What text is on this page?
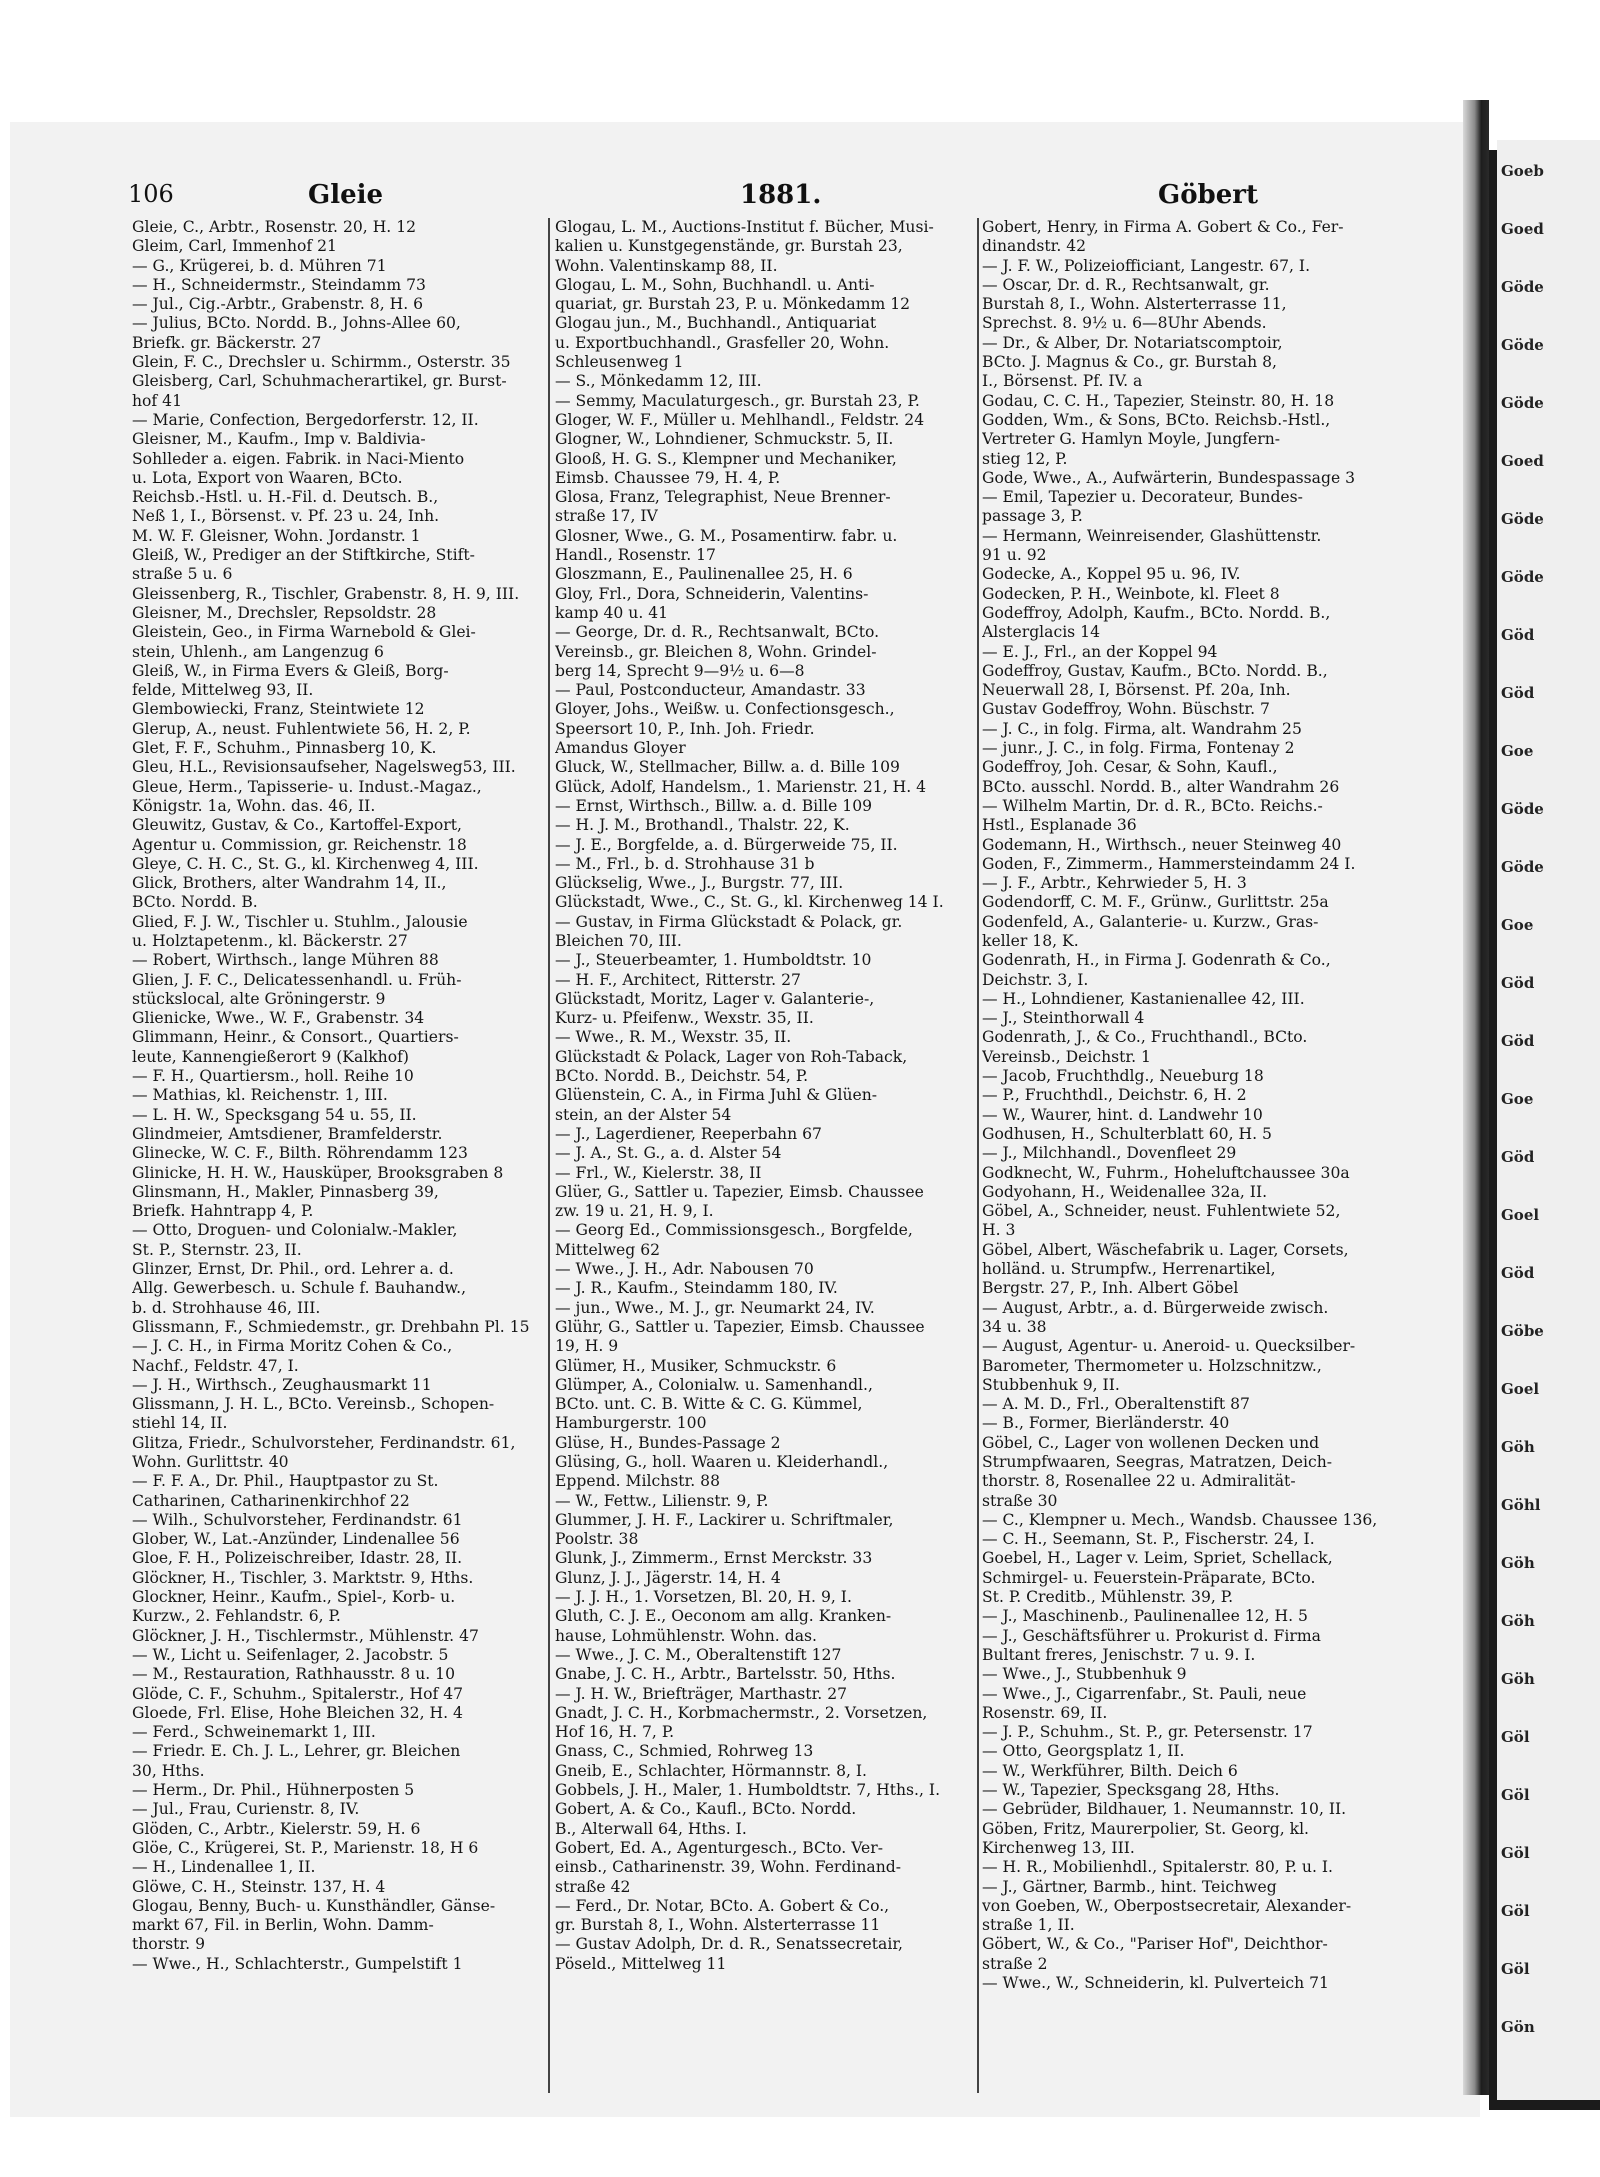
Goeb
Goed
Göde
Göde
Göde
Goed
Göde
Göde
Göd
Göd
Goe
Göde
Göde
Goe
Göd
Göd
Goe
Göd
Goel
Göd
Göbe
Goel
Göh
Göhl
Göh
Göh
Göh
Göl
Göl
Göl
Göl
Göl
Gön
106	Gleie	1881.	Göbert

Gleie, C., Arbtr., Rosenstr. 20, H. 12

Gleim, Carl, Immenhof 21

— G., Krügerei, b. d. Mühren 71

— H., Schneidermstr., Steindamm 73

— Jul., Cig.-Arbtr., Grabenstr. 8, H. 6

— Julius, BCto. Nordd. B., Johns-Allee 60,

Briefk. gr. Bäckerstr. 27

Glein, F. C., Drechsler u. Schirmm., Osterstr. 35

Gleisberg, Carl, Schuhmacherartikel, gr. Burst-

hof 41

— Marie, Confection, Bergedorferstr. 12, II.

Gleisner, M., Kaufm., Imp v. Baldivia-

Sohlleder a. eigen. Fabrik. in Naci-Miento

u. Lota, Export von Waaren, BCto.

Reichsb.-Hstl. u. H.-Fil. d. Deutsch. B.,

Neß 1, I., Börsenst. v. Pf. 23 u. 24, Inh.

M. W. F. Gleisner, Wohn. Jordanstr. 1

Gleiß, W., Prediger an der Stiftkirche, Stift-

straße 5 u. 6

Gleissenberg, R., Tischler, Grabenstr. 8, H. 9, III.

Gleisner, M., Drechsler, Repsoldstr. 28

Gleistein, Geo., in Firma Warnebold & Glei-

stein, Uhlenh., am Langenzug 6

Gleiß, W., in Firma Evers & Gleiß, Borg-

felde, Mittelweg 93, II.

Glembowiecki, Franz, Steintwiete 12

Glerup, A., neust. Fuhlentwiete 56, H. 2, P.

Glet, F. F., Schuhm., Pinnasberg 10, K.

Gleu, H.L., Revisionsaufseher, Nagelsweg53, III.

Gleue, Herm., Tapisserie- u. Indust.-Magaz.,

Königstr. 1a, Wohn. das. 46, II.

Gleuwitz, Gustav, & Co., Kartoffel-Export,

Agentur u. Commission, gr. Reichenstr. 18

Gleye, C. H. C., St. G., kl. Kirchenweg 4, III.

Glick, Brothers, alter Wandrahm 14, II.,

BCto. Nordd. B.

Glied, F. J. W., Tischler u. Stuhlm., Jalousie

u. Holztapetenm., kl. Bäckerstr. 27

— Robert, Wirthsch., lange Mühren 88

Glien, J. F. C., Delicatessenhandl. u. Früh-

stückslocal, alte Gröningerstr. 9

Glienicke, Wwe., W. F., Grabenstr. 34

Glimmann, Heinr., & Consort., Quartiers-

leute, Kannengießerort 9 (Kalkhof)

— F. H., Quartiersm., holl. Reihe 10

— Mathias, kl. Reichenstr. 1, III.

— L. H. W., Specksgang 54 u. 55, II.

Glindmeier, Amtsdiener, Bramfelderstr.

Glinecke, W. C. F., Bilth. Röhrendamm 123

Glinicke, H. H. W., Hausküper, Brooksgraben 8

Glinsmann, H., Makler, Pinnasberg 39,

Briefk. Hahntrapp 4, P.

— Otto, Droguen- und Colonialw.-Makler,

St. P., Sternstr. 23, II.

Glinzer, Ernst, Dr. Phil., ord. Lehrer a. d.

Allg. Gewerbesch. u. Schule f. Bauhandw.,

b. d. Strohhause 46, III.

Glissmann, F., Schmiedemstr., gr. Drehbahn Pl. 15

— J. C. H., in Firma Moritz Cohen & Co.,

Nachf., Feldstr. 47, I.

— J. H., Wirthsch., Zeughausmarkt 11

Glissmann, J. H. L., BCto. Vereinsb., Schopen-

stiehl 14, II.

Glitza, Friedr., Schulvorsteher, Ferdinandstr. 61,

Wohn. Gurlittstr. 40

— F. F. A., Dr. Phil., Hauptpastor zu St.

Catharinen, Catharinenkirchhof 22

— Wilh., Schulvorsteher, Ferdinandstr. 61

Glober, W., Lat.-Anzünder, Lindenallee 56

Gloe, F. H., Polizeischreiber, Idastr. 28, II.

Glöckner, H., Tischler, 3. Marktstr. 9, Hths.

Glockner, Heinr., Kaufm., Spiel-, Korb- u.

Kurzw., 2. Fehlandstr. 6, P.

Glöckner, J. H., Tischlermstr., Mühlenstr. 47

— W., Licht u. Seifenlager, 2. Jacobstr. 5

— M., Restauration, Rathhausstr. 8 u. 10

Glöde, C. F., Schuhm., Spitalerstr., Hof 47

Gloede, Frl. Elise, Hohe Bleichen 32, H. 4

— Ferd., Schweinemarkt 1, III.

— Friedr. E. Ch. J. L., Lehrer, gr. Bleichen

30, Hths.

— Herm., Dr. Phil., Hühnerposten 5

— Jul., Frau, Curienstr. 8, IV.

Glöden, C., Arbtr., Kielerstr. 59, H. 6

Glöe, C., Krügerei, St. P., Marienstr. 18, H 6

— H., Lindenallee 1, II.

Glöwe, C. H., Steinstr. 137, H. 4

Glogau, Benny, Buch- u. Kunsthändler, Gänse-

markt 67, Fil. in Berlin, Wohn. Damm-

thorstr. 9

— Wwe., H., Schlachterstr., Gumpelstift 1

Glogau, L. M., Auctions-Institut f. Bücher, Musi-

kalien u. Kunstgegenstände, gr. Burstah 23,

Wohn. Valentinskamp 88, II.

Glogau, L. M., Sohn, Buchhandl. u. Anti-

quariat, gr. Burstah 23, P. u. Mönkedamm 12

Glogau jun., M., Buchhandl., Antiquariat

u. Exportbuchhandl., Grasfeller 20, Wohn.

Schleusenweg 1

— S., Mönkedamm 12, III.

— Semmy, Maculaturgesch., gr. Burstah 23, P.

Gloger, W. F., Müller u. Mehlhandl., Feldstr. 24

Glogner, W., Lohndiener, Schmuckstr. 5, II.

Glooß, H. G. S., Klempner und Mechaniker,

Eimsb. Chaussee 79, H. 4, P.

Glosa, Franz, Telegraphist, Neue Brenner-

straße 17, IV

Glosner, Wwe., G. M., Posamentirw. fabr. u.

Handl., Rosenstr. 17

Gloszmann, E., Paulinenallee 25, H. 6

Gloy, Frl., Dora, Schneiderin, Valentins-

kamp 40 u. 41

— George, Dr. d. R., Rechtsanwalt, BCto.

Vereinsb., gr. Bleichen 8, Wohn. Grindel-

berg 14, Sprecht 9—9½ u. 6—8

— Paul, Postconducteur, Amandastr. 33

Gloyer, Johs., Weißw. u. Confectionsgesch.,

Speersort 10, P., Inh. Joh. Friedr.

Amandus Gloyer

Gluck, W., Stellmacher, Billw. a. d. Bille 109

Glück, Adolf, Handelsm., 1. Marienstr. 21, H. 4

— Ernst, Wirthsch., Billw. a. d. Bille 109

— H. J. M., Brothandl., Thalstr. 22, K.

— J. E., Borgfelde, a. d. Bürgerweide 75, II.

— M., Frl., b. d. Strohhause 31 b

Glückselig, Wwe., J., Burgstr. 77, III.

Glückstadt, Wwe., C., St. G., kl. Kirchenweg 14 I.

— Gustav, in Firma Glückstadt & Polack, gr.

Bleichen 70, III.

— J., Steuerbeamter, 1. Humboldtstr. 10

— H. F., Architect, Ritterstr. 27

Glückstadt, Moritz, Lager v. Galanterie-,

Kurz- u. Pfeifenw., Wexstr. 35, II.

— Wwe., R. M., Wexstr. 35, II.

Glückstadt & Polack, Lager von Roh-Taback,

BCto. Nordd. B., Deichstr. 54, P.

Glüenstein, C. A., in Firma Juhl & Glüen-

stein, an der Alster 54

— J., Lagerdiener, Reeperbahn 67

— J. A., St. G., a. d. Alster 54

— Frl., W., Kielerstr. 38, II

Glüer, G., Sattler u. Tapezier, Eimsb. Chaussee

zw. 19 u. 21, H. 9, I.

— Georg Ed., Commissionsgesch., Borgfelde,

Mittelweg 62

— Wwe., J. H., Adr. Nabousen 70

— J. R., Kaufm., Steindamm 180, IV.

— jun., Wwe., M. J., gr. Neumarkt 24, IV.

Glühr, G., Sattler u. Tapezier, Eimsb. Chaussee

19, H. 9

Glümer, H., Musiker, Schmuckstr. 6

Glümper, A., Colonialw. u. Samenhandl.,

BCto. unt. C. B. Witte & C. G. Kümmel,

Hamburgerstr. 100

Glüse, H., Bundes-Passage 2

Glüsing, G., holl. Waaren u. Kleiderhandl.,

Eppend. Milchstr. 88

— W., Fettw., Lilienstr. 9, P.

Glummer, J. H. F., Lackirer u. Schriftmaler,

Poolstr. 38

Glunk, J., Zimmerm., Ernst Merckstr. 33

Glunz, J. J., Jägerstr. 14, H. 4

— J. J. H., 1. Vorsetzen, Bl. 20, H. 9, I.

Gluth, C. J. E., Oeconom am allg. Kranken-

hause, Lohmühlenstr. Wohn. das.

— Wwe., J. C. M., Oberaltenstift 127

Gnabe, J. C. H., Arbtr., Bartelsstr. 50, Hths.

— J. H. W., Briefträger, Marthastr. 27

Gnadt, J. C. H., Korbmachermstr., 2. Vorsetzen,

Hof 16, H. 7, P.

Gnass, C., Schmied, Rohrweg 13

Gneib, E., Schlachter, Hörmannstr. 8, I.

Gobbels, J. H., Maler, 1. Humboldtstr. 7, Hths., I.

Gobert, A. & Co., Kaufl., BCto. Nordd.

B., Alterwall 64, Hths. I.

Gobert, Ed. A., Agenturgesch., BCto. Ver-

einsb., Catharinenstr. 39, Wohn. Ferdinand-

straße 42

— Ferd., Dr. Notar, BCto. A. Gobert & Co.,

gr. Burstah 8, I., Wohn. Alsterterrasse 11

— Gustav Adolph, Dr. d. R., Senatssecretair,

Pöseld., Mittelweg 11

Gobert, Henry, in Firma A. Gobert & Co., Fer-

dinandstr. 42

— J. F. W., Polizeiofficiant, Langestr. 67, I.

— Oscar, Dr. d. R., Rechtsanwalt, gr.

Burstah 8, I., Wohn. Alsterterrasse 11,

Sprechst. 8. 9½ u. 6—8Uhr Abends.

— Dr., & Alber, Dr. Notariatscomptoir,

BCto. J. Magnus & Co., gr. Burstah 8,

I., Börsenst. Pf. IV. a

Godau, C. C. H., Tapezier, Steinstr. 80, H. 18

Godden, Wm., & Sons, BCto. Reichsb.-Hstl.,

Vertreter G. Hamlyn Moyle, Jungfern-

stieg 12, P.

Gode, Wwe., A., Aufwärterin, Bundespassage 3

— Emil, Tapezier u. Decorateur, Bundes-

passage 3, P.

— Hermann, Weinreisender, Glashüttenstr.

91 u. 92

Godecke, A., Koppel 95 u. 96, IV.

Godecken, P. H., Weinbote, kl. Fleet 8

Godeffroy, Adolph, Kaufm., BCto. Nordd. B.,

Alsterglacis 14

— E. J., Frl., an der Koppel 94

Godeffroy, Gustav, Kaufm., BCto. Nordd. B.,

Neuerwall 28, I, Börsenst. Pf. 20a, Inh.

Gustav Godeffroy, Wohn. Büschstr. 7

— J. C., in folg. Firma, alt. Wandrahm 25

— junr., J. C., in folg. Firma, Fontenay 2

Godeffroy, Joh. Cesar, & Sohn, Kaufl.,

BCto. ausschl. Nordd. B., alter Wandrahm 26

— Wilhelm Martin, Dr. d. R., BCto. Reichs.-

Hstl., Esplanade 36

Godemann, H., Wirthsch., neuer Steinweg 40

Goden, F., Zimmerm., Hammersteindamm 24 I.

— J. F., Arbtr., Kehrwieder 5, H. 3

Godendorff, C. M. F., Grünw., Gurlittstr. 25a

Godenfeld, A., Galanterie- u. Kurzw., Gras-

keller 18, K.

Godenrath, H., in Firma J. Godenrath & Co.,

Deichstr. 3, I.

— H., Lohndiener, Kastanienallee 42, III.

— J., Steinthorwall 4

Godenrath, J., & Co., Fruchthandl., BCto.

Vereinsb., Deichstr. 1

— Jacob, Fruchthdlg., Neueburg 18

— P., Fruchthdl., Deichstr. 6, H. 2

— W., Waurer, hint. d. Landwehr 10

Godhusen, H., Schulterblatt 60, H. 5

— J., Milchhandl., Dovenfleet 29

Godknecht, W., Fuhrm., Hoheluftchaussee 30a

Godyohann, H., Weidenallee 32a, II.

Göbel, A., Schneider, neust. Fuhlentwiete 52,

H. 3

Göbel, Albert, Wäschefabrik u. Lager, Corsets,

holländ. u. Strumpfw., Herrenartikel,

Bergstr. 27, P., Inh. Albert Göbel

— August, Arbtr., a. d. Bürgerweide zwisch.

34 u. 38

— August, Agentur- u. Aneroid- u. Quecksilber-

Barometer, Thermometer u. Holzschnitzw.,

Stubbenhuk 9, II.

— A. M. D., Frl., Oberaltenstift 87

— B., Former, Bierländerstr. 40

Göbel, C., Lager von wollenen Decken und

Strumpfwaaren, Seegras, Matratzen, Deich-

thorstr. 8, Rosenallee 22 u. Admiralität-

straße 30

— C., Klempner u. Mech., Wandsb. Chaussee 136,

— C. H., Seemann, St. P., Fischerstr. 24, I.

Goebel, H., Lager v. Leim, Spriet, Schellack,

Schmirgel- u. Feuerstein-Präparate, BCto.

St. P. Creditb., Mühlenstr. 39, P.

— J., Maschinenb., Paulinenallee 12, H. 5

— J., Geschäftsführer u. Prokurist d. Firma

Bultant freres, Jenischstr. 7 u. 9. I.

— Wwe., J., Stubbenhuk 9

— Wwe., J., Cigarrenfabr., St. Pauli, neue

Rosenstr. 69, II.

— J. P., Schuhm., St. P., gr. Petersenstr. 17

— Otto, Georgsplatz 1, II.

— W., Werkführer, Bilth. Deich 6

— W., Tapezier, Specksgang 28, Hths.

— Gebrüder, Bildhauer, 1. Neumannstr. 10, II.

Göben, Fritz, Maurerpolier, St. Georg, kl.

Kirchenweg 13, III.

— H. R., Mobilienhdl., Spitalerstr. 80, P. u. I.

— J., Gärtner, Barmb., hint. Teichweg

von Goeben, W., Oberpostsecretair, Alexander-

straße 1, II.

Göbert, W., & Co., "Pariser Hof", Deichthor-

straße 2

— Wwe., W., Schneiderin, kl. Pulverteich 71
